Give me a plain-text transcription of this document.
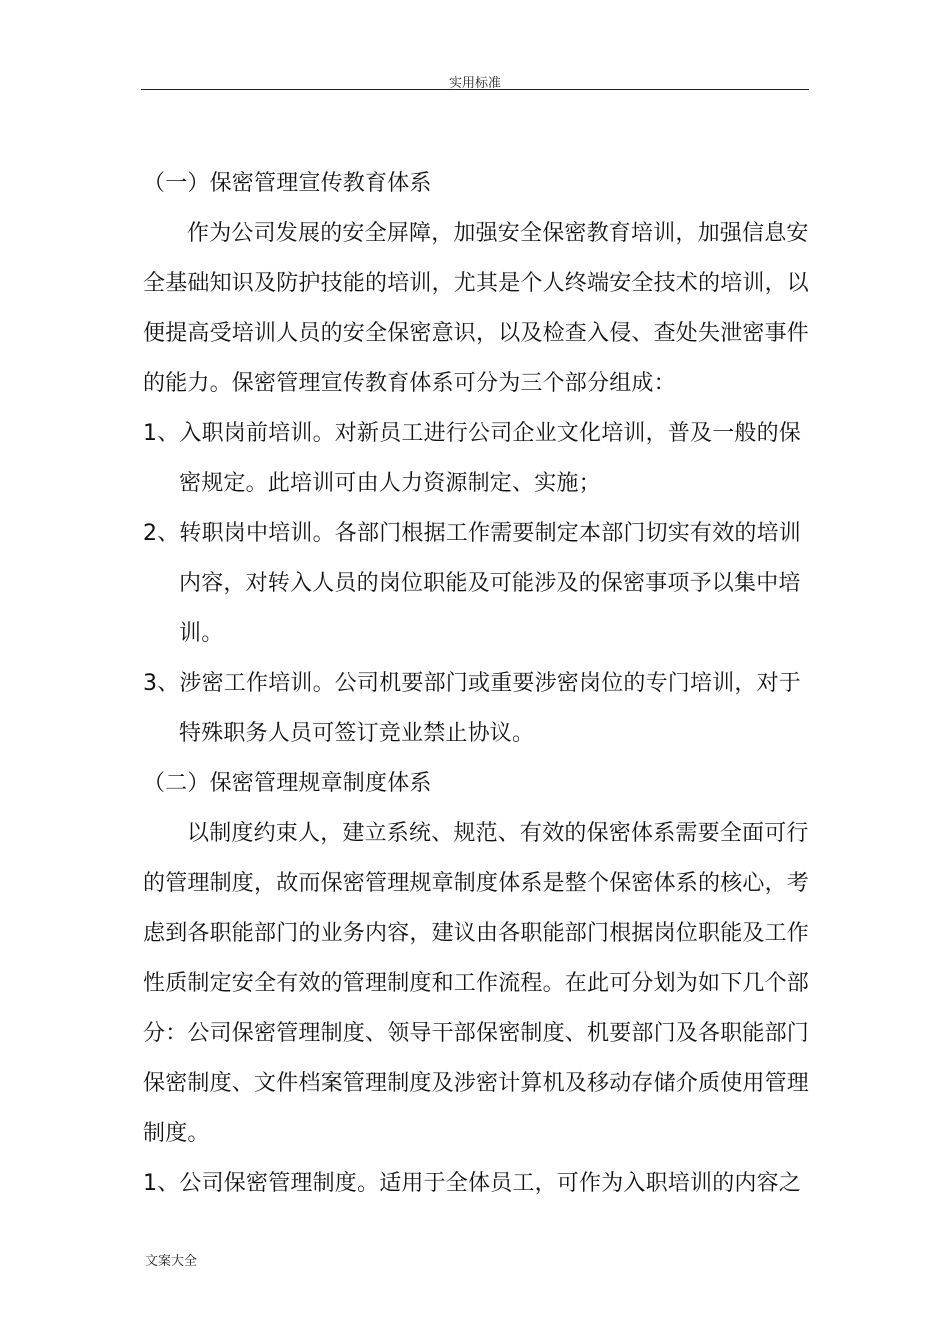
实用标准
（一）保密管理宣传教育体系
作为公司发展的安全屏障，加强安全保密教育培训，加强信息安
全基础知识及防护技能的培训，尤其是个人终端安全技术的培训，以
便提高受培训人员的安全保密意识，以及检查入侵、查处失泄密事件
的能力。保密管理宣传教育体系可分为三个部分组成：
1、入职岗前培训。对新员工进行公司企业文化培训，普及一般的保
密规定。此培训可由人力资源制定、实施；
2、转职岗中培训。各部门根据工作需要制定本部门切实有效的培训
内容，对转入人员的岗位职能及可能涉及的保密事项予以集中培
训。
3、涉密工作培训。公司机要部门或重要涉密岗位的专门培训，对于
特殊职务人员可签订竞业禁止协议。
（二）保密管理规章制度体系
以制度约束人，建立系统、规范、有效的保密体系需要全面可行
的管理制度，故而保密管理规章制度体系是整个保密体系的核心，考
虑到各职能部门的业务内容，建议由各职能部门根据岗位职能及工作
性质制定安全有效的管理制度和工作流程。在此可分划为如下几个部
分：公司保密管理制度、领导干部保密制度、机要部门及各职能部门
保密制度、文件档案管理制度及涉密计算机及移动存储介质使用管理
制度。
1、公司保密管理制度。适用于全体员工，可作为入职培训的内容之
文案大全
